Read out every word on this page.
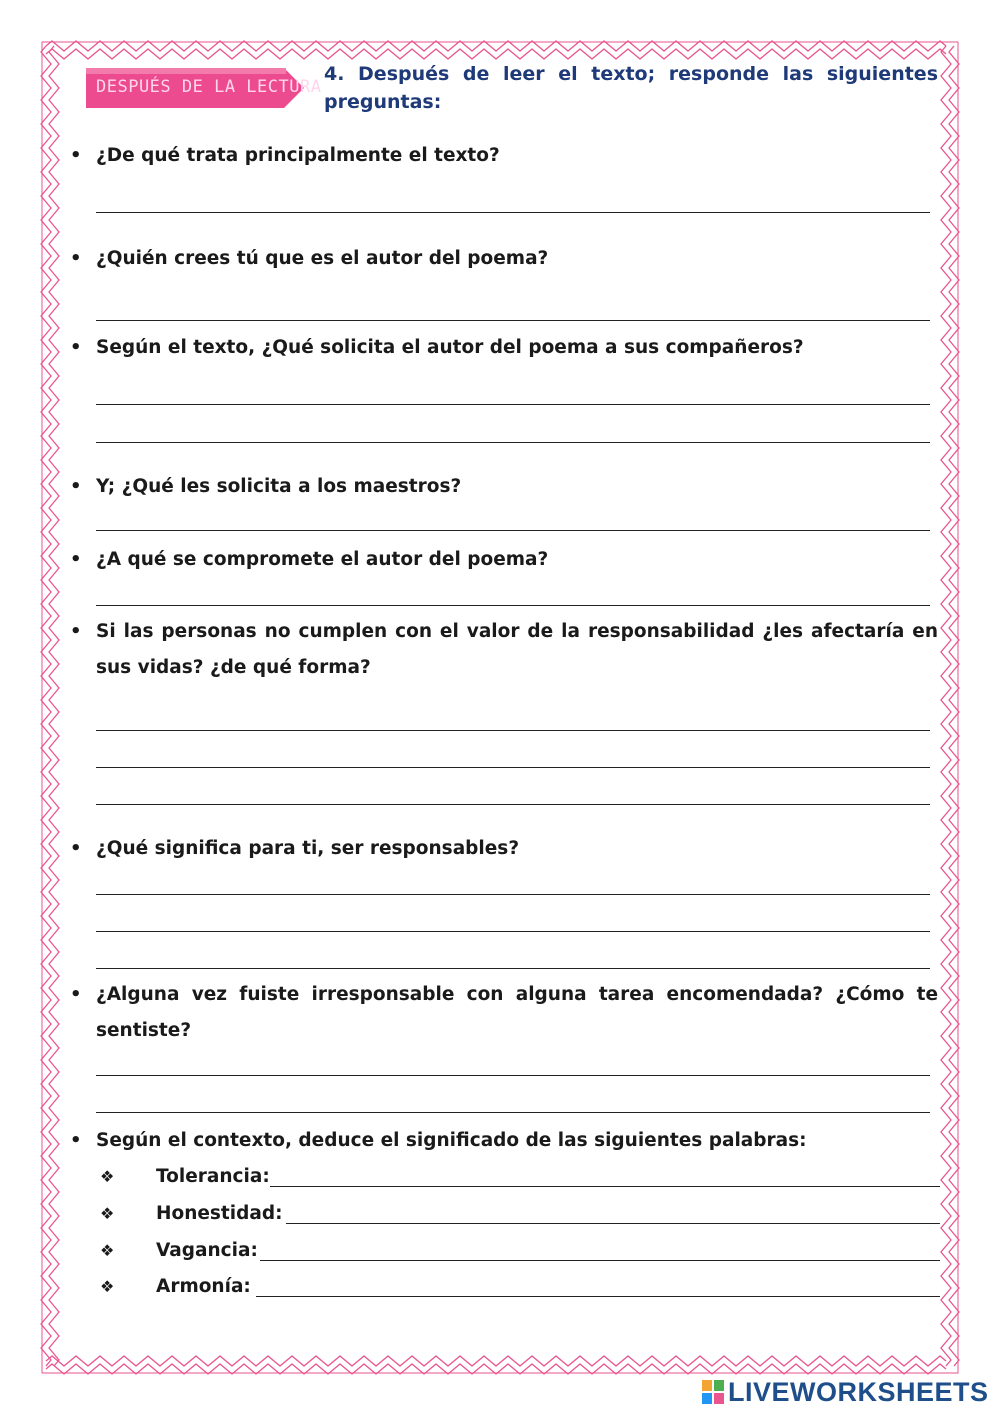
DESPUÉS DE LA LECTURA
4. Después de leer el texto; responde las siguientes preguntas:
• ¿De qué trata principalmente el texto?
• ¿Quién crees tú que es el autor del poema?
• Según el texto, ¿Qué solicita el autor del poema a sus compañeros?
• Y; ¿Qué les solicita a los maestros?
• ¿A qué se compromete el autor del poema?
• Si las personas no cumplen con el valor de la responsabilidad ¿les afectaría en sus vidas? ¿de qué forma?
• ¿Qué significa para ti, ser responsables?
• ¿Alguna vez fuiste irresponsable con alguna tarea encomendada? ¿Cómo te sentiste?
• Según el contexto, deduce el significado de las siguientes palabras:
❖ Tolerancia:
❖ Honestidad:
❖ Vagancia:
❖ Armonía:
LIVEWORKSHEETS
